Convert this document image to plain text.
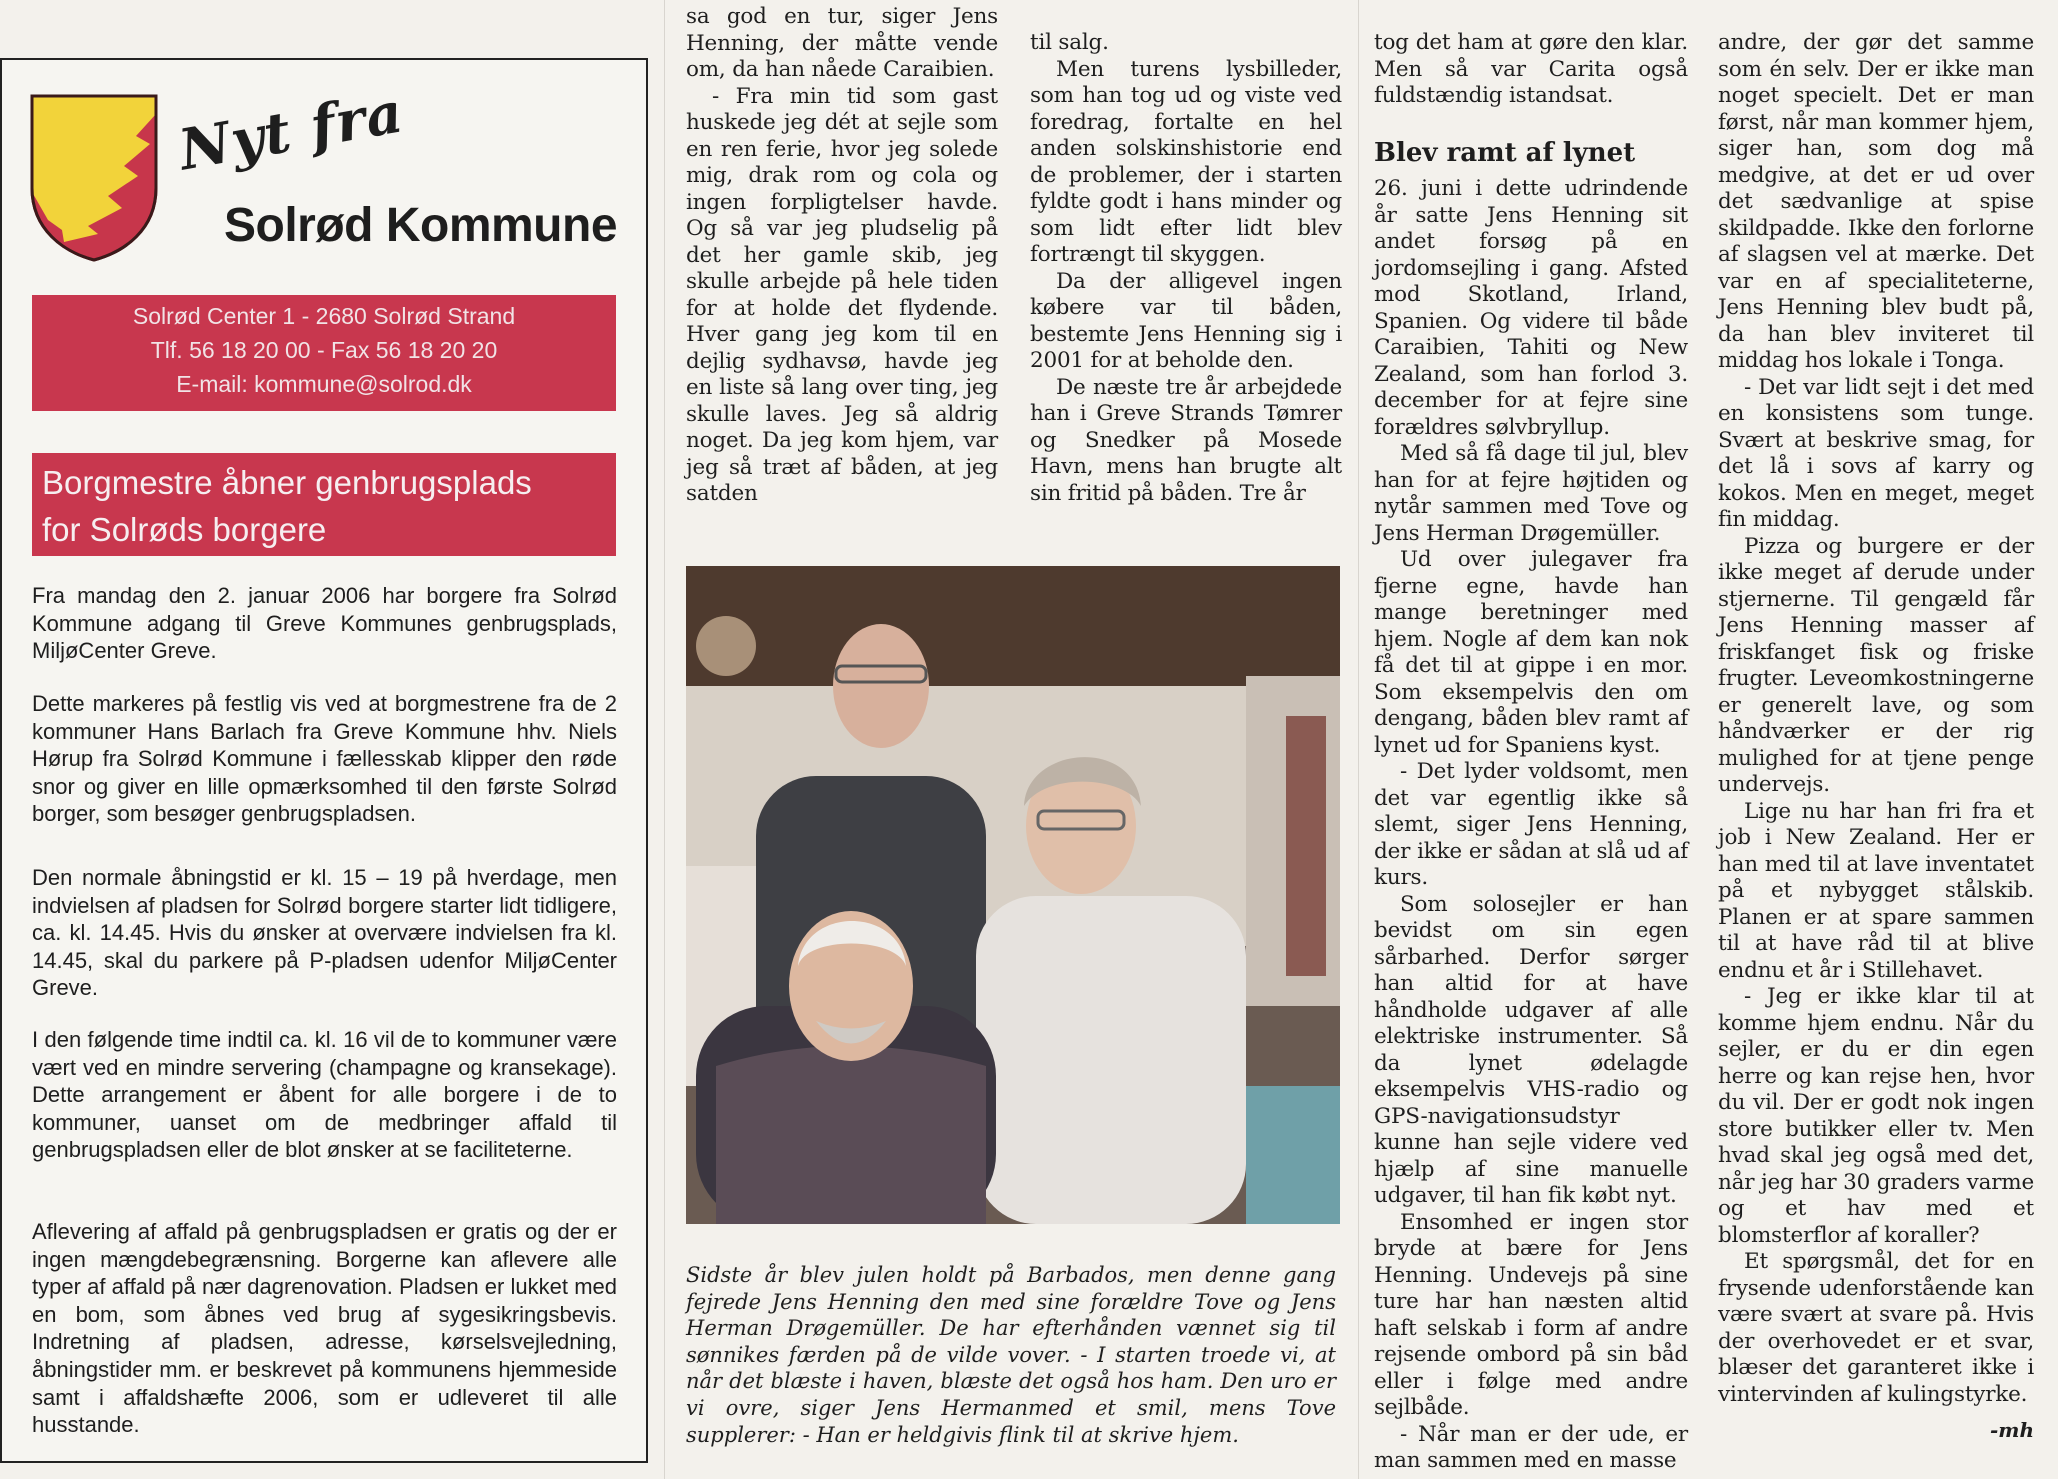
Nyt fra
Solrød Kommune
Solrød Center 1 - 2680 Solrød Strand
Tlf. 56 18 20 00 - Fax 56 18 20 20
E-mail: kommune@solrod.dk
Borgmestre åbner genbrugsplads
for Solrøds borgere

Fra mandag den 2. januar 2006 har borgere fra Solrød Kommune adgang til Greve Kommunes genbrugsplads, MiljøCenter Greve.

Dette markeres på festlig vis ved at borgmestrene fra de 2 kommuner Hans Barlach fra Greve Kommune hhv. Niels Hørup fra Solrød Kommune i fællesskab klipper den røde snor og giver en lille opmærksomhed til den første Solrød borger, som besøger genbrugspladsen.

Den normale åbningstid er kl. 15 – 19 på hverdage, men indvielsen af pladsen for Solrød borgere starter lidt tidligere, ca. kl. 14.45. Hvis du ønsker at overvære indvielsen fra kl. 14.45, skal du parkere på P-pladsen udenfor MiljøCenter Greve.

I den følgende time indtil ca. kl. 16 vil de to kommuner være vært ved en mindre servering (champagne og kransekage). Dette arrangement er åbent for alle borgere i de to kommuner, uanset om de medbringer affald til genbrugspladsen eller de blot ønsker at se faciliteterne.

Aflevering af affald på genbrugspladsen er gratis og der er ingen mængdebegrænsning. Borgerne kan aflevere alle typer af affald på nær dagrenovation. Pladsen er lukket med en bom, som åbnes ved brug af sygesikringsbevis. Indretning af pladsen, adresse, kørselsvejledning, åbningstider mm. er beskrevet på kommunens hjemmeside samt i affaldshæfte 2006, som er udleveret til alle husstande.

sa god en tur, siger Jens Henning, der måtte vende om, da han nåede Caraibien.

- Fra min tid som gast huskede jeg dét at sejle som en ren ferie, hvor jeg solede mig, drak rom og cola og ingen forpligtelser havde. Og så var jeg pludselig på det her gamle skib, jeg skulle arbejde på hele tiden for at holde det flydende. Hver gang jeg kom til en dejlig sydhavsø, havde jeg en liste så lang over ting, jeg skulle laves. Jeg så aldrig noget. Da jeg kom hjem, var jeg så træt af båden, at jeg satden

til salg.

Men turens lysbilleder, som han tog ud og viste ved foredrag, fortalte en hel anden solskinshistorie end de problemer, der i starten fyldte godt i hans minder og som lidt efter lidt blev fortrængt til skyggen.

Da der alligevel ingen købere var til båden, bestemte Jens Henning sig i 2001 for at beholde den.

De næste tre år arbejdede han i Greve Strands Tømrer og Snedker på Mosede Havn, mens han brugte alt sin fritid på båden. Tre år

Sidste år blev julen holdt på Barbados, men denne gang fejrede Jens Henning den med sine forældre Tove og Jens Herman Drøgemüller. De har efterhånden vænnet sig til sønnikes færden på de vilde vover. - I starten troede vi, at når det blæste i haven, blæste det også hos ham. Den uro er vi ovre, siger Jens Hermanmed et smil, mens Tove supplerer: - Han er heldgivis flink til at skrive hjem.

tog det ham at gøre den klar. Men så var Carita også fuldstændig istandsat.

Blev ramt af lynet

26. juni i dette udrindende år satte Jens Henning sit andet forsøg på en jordomsejling i gang. Afsted mod Skotland, Irland, Spanien. Og videre til både Caraibien, Tahiti og New Zealand, som han forlod 3. december for at fejre sine forældres sølvbryllup.

Med så få dage til jul, blev han for at fejre højtiden og nytår sammen med Tove og Jens Herman Drøgemüller.

Ud over julegaver fra fjerne egne, havde han mange beretninger med hjem. Nogle af dem kan nok få det til at gippe i en mor. Som eksempelvis den om dengang, båden blev ramt af lynet ud for Spaniens kyst.

- Det lyder voldsomt, men det var egentlig ikke så slemt, siger Jens Henning, der ikke er sådan at slå ud af kurs.

Som solosejler er han bevidst om sin egen sårbarhed. Derfor sørger han altid for at have håndholde udgaver af alle elektriske instrumenter. Så da lynet ødelagde eksempelvis VHS-radio og GPS-navigationsudstyr kunne han sejle videre ved hjælp af sine manuelle udgaver, til han fik købt nyt.

Ensomhed er ingen stor bryde at bære for Jens Henning. Undevejs på sine ture har han næsten altid haft selskab i form af andre rejsende ombord på sin båd eller i følge med andre sejlbåde.

- Når man er der ude, er man sammen med en masse

andre, der gør det samme som én selv. Der er ikke man noget specielt. Det er man først, når man kommer hjem, siger han, som dog må medgive, at det er ud over det sædvanlige at spise skildpadde. Ikke den forlorne af slagsen vel at mærke. Det var en af specialiteterne, Jens Henning blev budt på, da han blev inviteret til middag hos lokale i Tonga.

- Det var lidt sejt i det med en konsistens som tunge. Svært at beskrive smag, for det lå i sovs af karry og kokos. Men en meget, meget fin middag.

Pizza og burgere er der ikke meget af derude under stjernerne. Til gengæld får Jens Henning masser af friskfanget fisk og friske frugter. Leveomkostningerne er generelt lave, og som håndværker er der rig mulighed for at tjene penge undervejs.

Lige nu har han fri fra et job i New Zealand. Her er han med til at lave inventatet på et nybygget stålskib. Planen er at spare sammen til at have råd til at blive endnu et år i Stillehavet.

- Jeg er ikke klar til at komme hjem endnu. Når du sejler, er du er din egen herre og kan rejse hen, hvor du vil. Der er godt nok ingen store butikker eller tv. Men hvad skal jeg også med det, når jeg har 30 graders varme og et hav med et blomsterflor af koraller?

Et spørgsmål, det for en frysende udenforstående kan være svært at svare på. Hvis der overhovedet er et svar, blæser det garanteret ikke i vintervinden af kulingstyrke.

-mh
